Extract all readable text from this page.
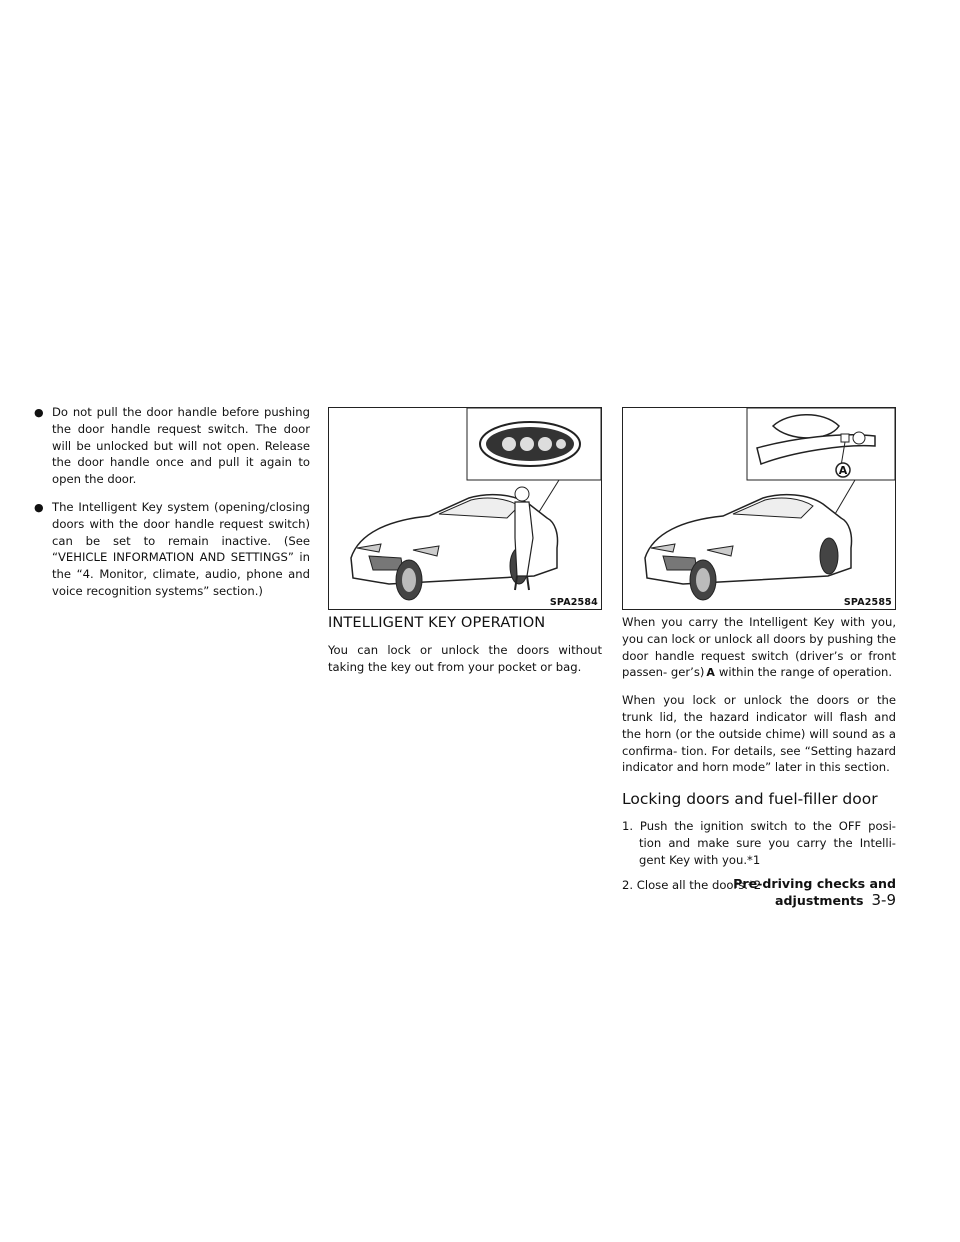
● Do not pull the door handle before pushing the door handle request switch. The door will be unlocked but will not open. Release the door handle once and pull it again to open the door.

● The Intelligent Key system (opening/closing doors with the door handle request switch) can be set to remain inactive. (See “VEHICLE INFORMATION AND SETTINGS” in the “4. Monitor, climate, audio, phone and voice recognition systems” section.)

SPA2584
A
SPA2585
INTELLIGENT KEY OPERATION

You can lock or unlock the doors without taking the key out from your pocket or bag.

When you carry the Intelligent Key with you, you can lock or unlock all doors by pushing the door handle request switch (driver’s or front passen- ger’s) A within the range of operation.

When you lock or unlock the doors or the trunk lid, the hazard indicator will flash and the horn (or the outside chime) will sound as a confirma- tion. For details, see “Setting hazard indicator and horn mode” later in this section.

Locking doors and fuel-filler door

1. Push the ignition switch to the OFF posi- tion and make sure you carry the Intelli- gent Key with you.*1

2. Close all the doors.*2

Pre-driving checks and adjustments 3-9
